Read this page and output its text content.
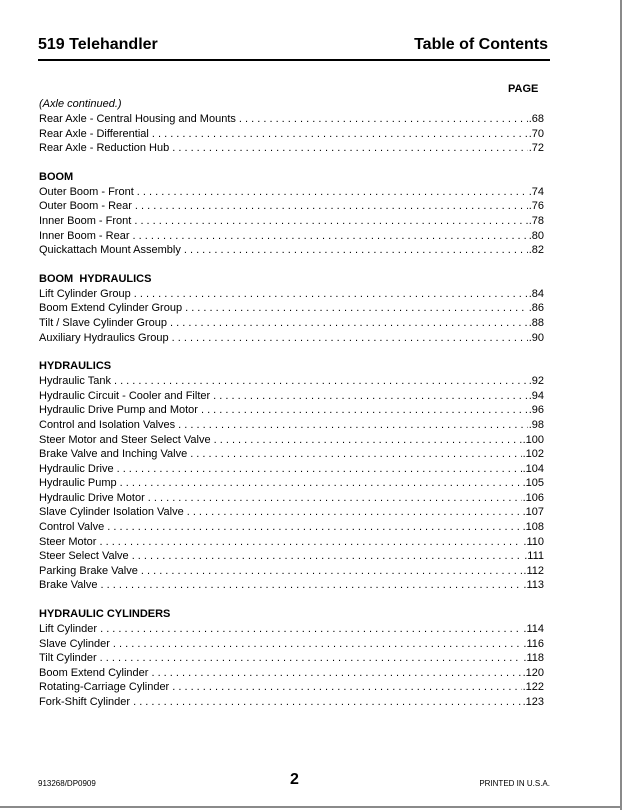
519 Telehandler	Table of Contents
PAGE
(Axle continued.)
Rear Axle - Central Housing and Mounts . . .	.68
Rear Axle - Differential . . .	.70
Rear Axle - Reduction Hub . . .	.72
BOOM
Outer Boom - Front . . .	.74
Outer Boom - Rear . . .	.76
Inner Boom - Front . . .	.78
Inner Boom - Rear . . .	.80
Quickattach Mount Assembly . . .	.82
BOOM  HYDRAULICS
Lift Cylinder Group . . .	.84
Boom Extend Cylinder Group . . .	.86
Tilt / Slave Cylinder Group . . .	.88
Auxiliary Hydraulics Group . . .	.90
HYDRAULICS
Hydraulic Tank . . .	.92
Hydraulic Circuit - Cooler and Filter . . .	.94
Hydraulic Drive Pump and Motor . . .	.96
Control and Isolation Valves . . .	.98
Steer Motor and Steer Select Valve . . .	.100
Brake Valve and Inching Valve . . .	.102
Hydraulic Drive . . .	.104
Hydraulic Pump . . .	.105
Hydraulic Drive Motor . . .	.106
Slave Cylinder Isolation Valve . . .	.107
Control Valve . . .	.108
Steer Motor . . .	.110
Steer Select Valve . . .	.111
Parking Brake Valve . . .	.112
Brake Valve . . .	.113
HYDRAULIC CYLINDERS
Lift Cylinder . . .	.114
Slave Cylinder . . .	.116
Tilt Cylinder . . .	.118
Boom Extend Cylinder . . .	.120
Rotating-Carriage Cylinder . . .	.122
Fork-Shift Cylinder . . .	.123
913268/DP0909	2	PRINTED IN U.S.A.
